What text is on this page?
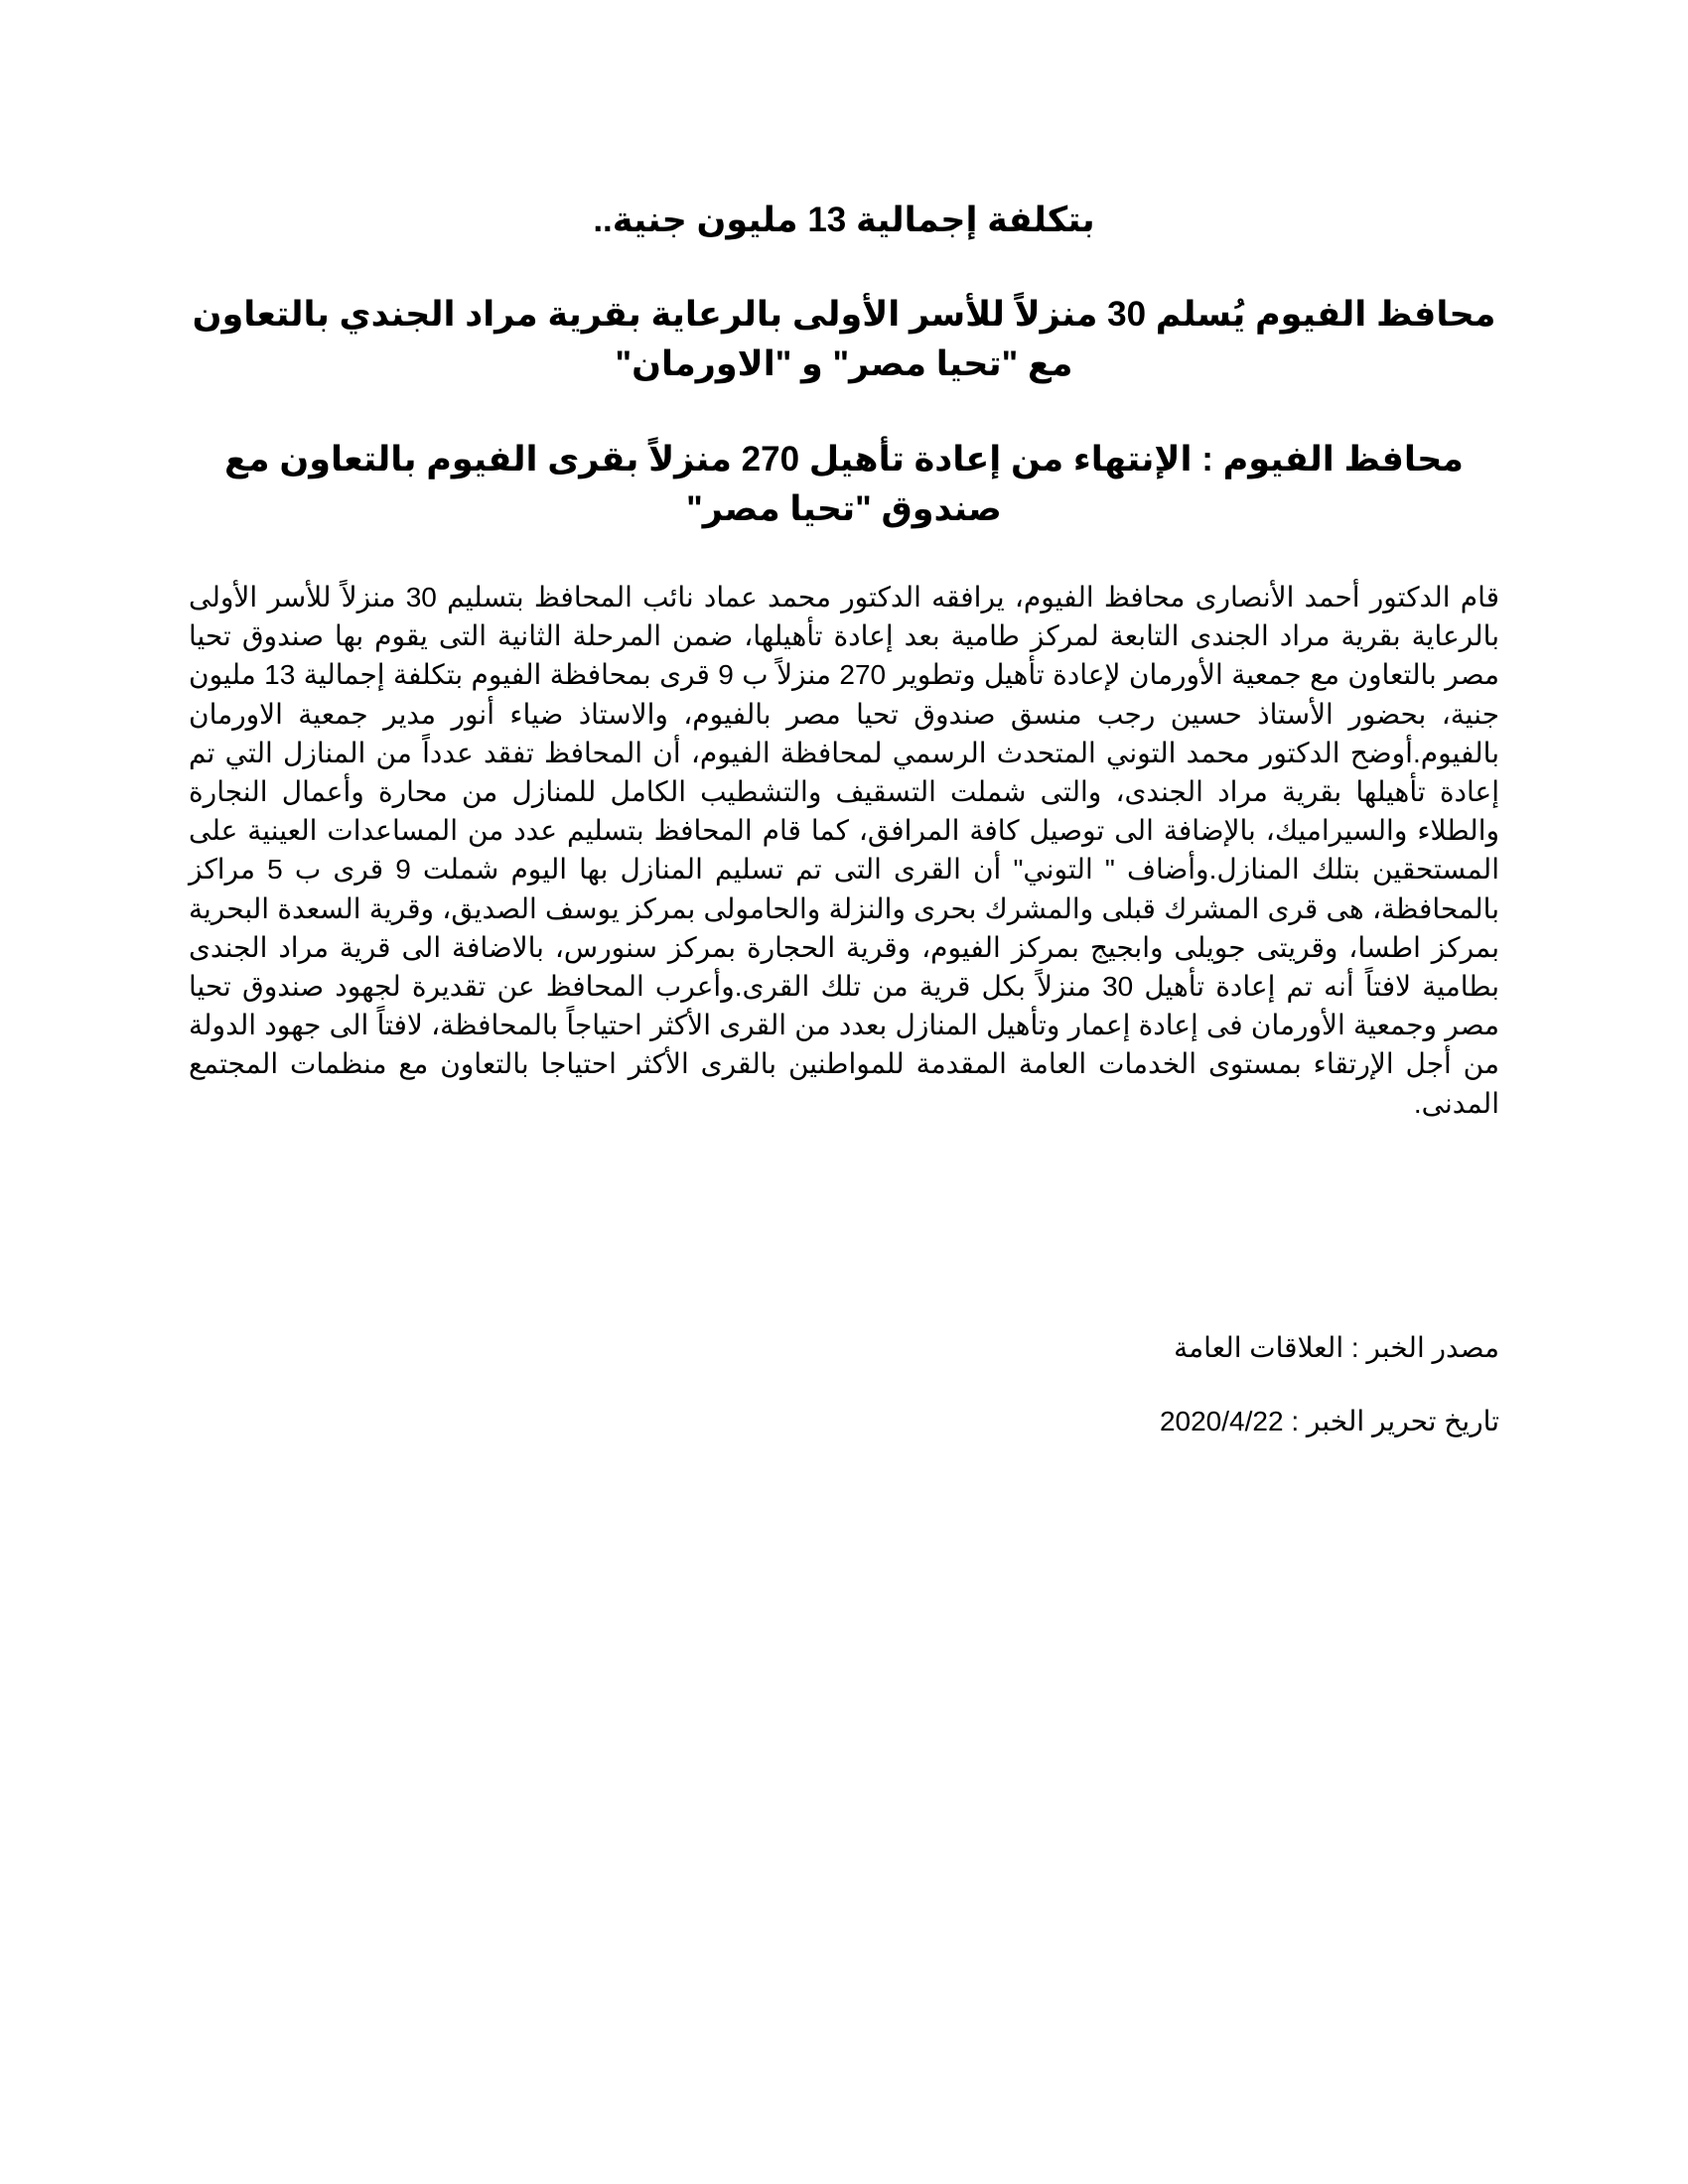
بتكلفة إجمالية 13 مليون جنية..
محافظ الفيوم يُسلم 30 منزلاً للأسر الأولى بالرعاية بقرية مراد الجندي بالتعاون مع "تحيا مصر" و "الاورمان"
محافظ الفيوم : الإنتهاء من إعادة تأهيل 270 منزلاً بقرى الفيوم بالتعاون مع صندوق "تحيا مصر"

قام الدكتور أحمد الأنصارى محافظ الفيوم، يرافقه الدكتور محمد عماد نائب المحافظ بتسليم 30 منزلاً للأسر الأولى بالرعاية بقرية مراد الجندى التابعة لمركز طامية بعد إعادة تأهيلها، ضمن المرحلة الثانية التى يقوم بها صندوق تحيا مصر بالتعاون مع جمعية الأورمان لإعادة تأهيل وتطوير 270 منزلاً ب 9 قرى بمحافظة الفيوم بتكلفة إجمالية 13 مليون جنية، بحضور الأستاذ حسين رجب منسق صندوق تحيا مصر بالفيوم، والاستاذ ضياء أنور مدير جمعية الاورمان بالفيوم.أوضح الدكتور محمد التوني المتحدث الرسمي لمحافظة الفيوم، أن المحافظ تفقد عدداً من المنازل التي تم إعادة تأهيلها بقرية مراد الجندى، والتى شملت التسقيف والتشطيب الكامل للمنازل من محارة وأعمال النجارة والطلاء والسيراميك، بالإضافة الى توصيل كافة المرافق، كما قام المحافظ بتسليم عدد من المساعدات العينية على المستحقين بتلك المنازل.وأضاف " التوني" أن القرى التى تم تسليم المنازل بها اليوم شملت 9 قرى ب 5 مراكز بالمحافظة، هى قرى المشرك قبلى والمشرك بحرى والنزلة والحامولى بمركز يوسف الصديق، وقرية السعدة البحرية بمركز اطسا، وقريتى جويلى وابجيج بمركز الفيوم، وقرية الحجارة بمركز سنورس، بالاضافة الى قرية مراد الجندى بطامية لافتاً أنه تم إعادة تأهيل 30 منزلاً بكل قرية من تلك القرى.وأعرب المحافظ عن تقديرة لجهود صندوق تحيا مصر وجمعية الأورمان فى إعادة إعمار وتأهيل المنازل بعدد من القرى الأكثر احتياجاً بالمحافظة، لافتاً الى جهود الدولة من أجل الإرتقاء بمستوى الخدمات العامة المقدمة للمواطنين بالقرى الأكثر احتياجا بالتعاون مع منظمات المجتمع المدنى.

مصدر الخبر : العلاقات العامة

تاريخ تحرير الخبر : 2020/4/22
